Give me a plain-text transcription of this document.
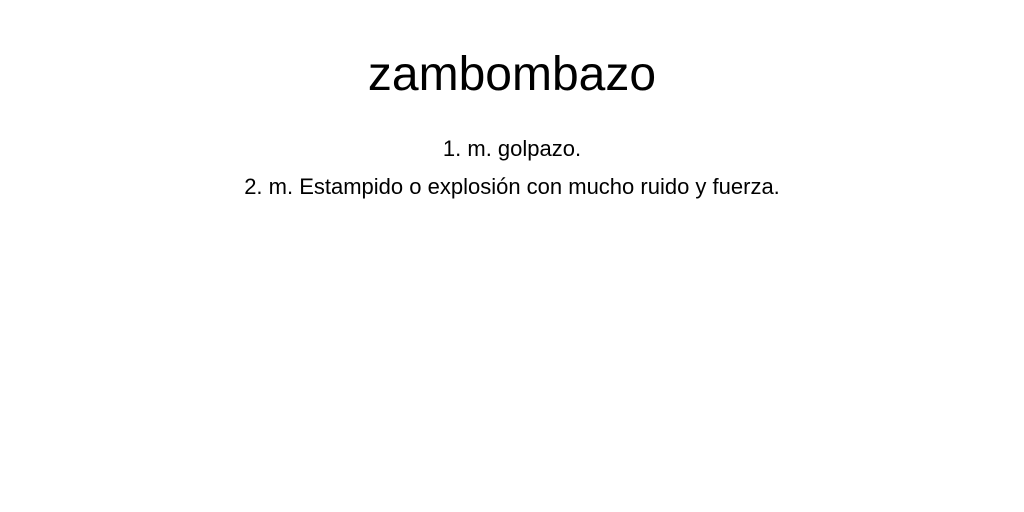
zambombazo
1. m. golpazo.
2. m. Estampido o explosión con mucho ruido y fuerza.
